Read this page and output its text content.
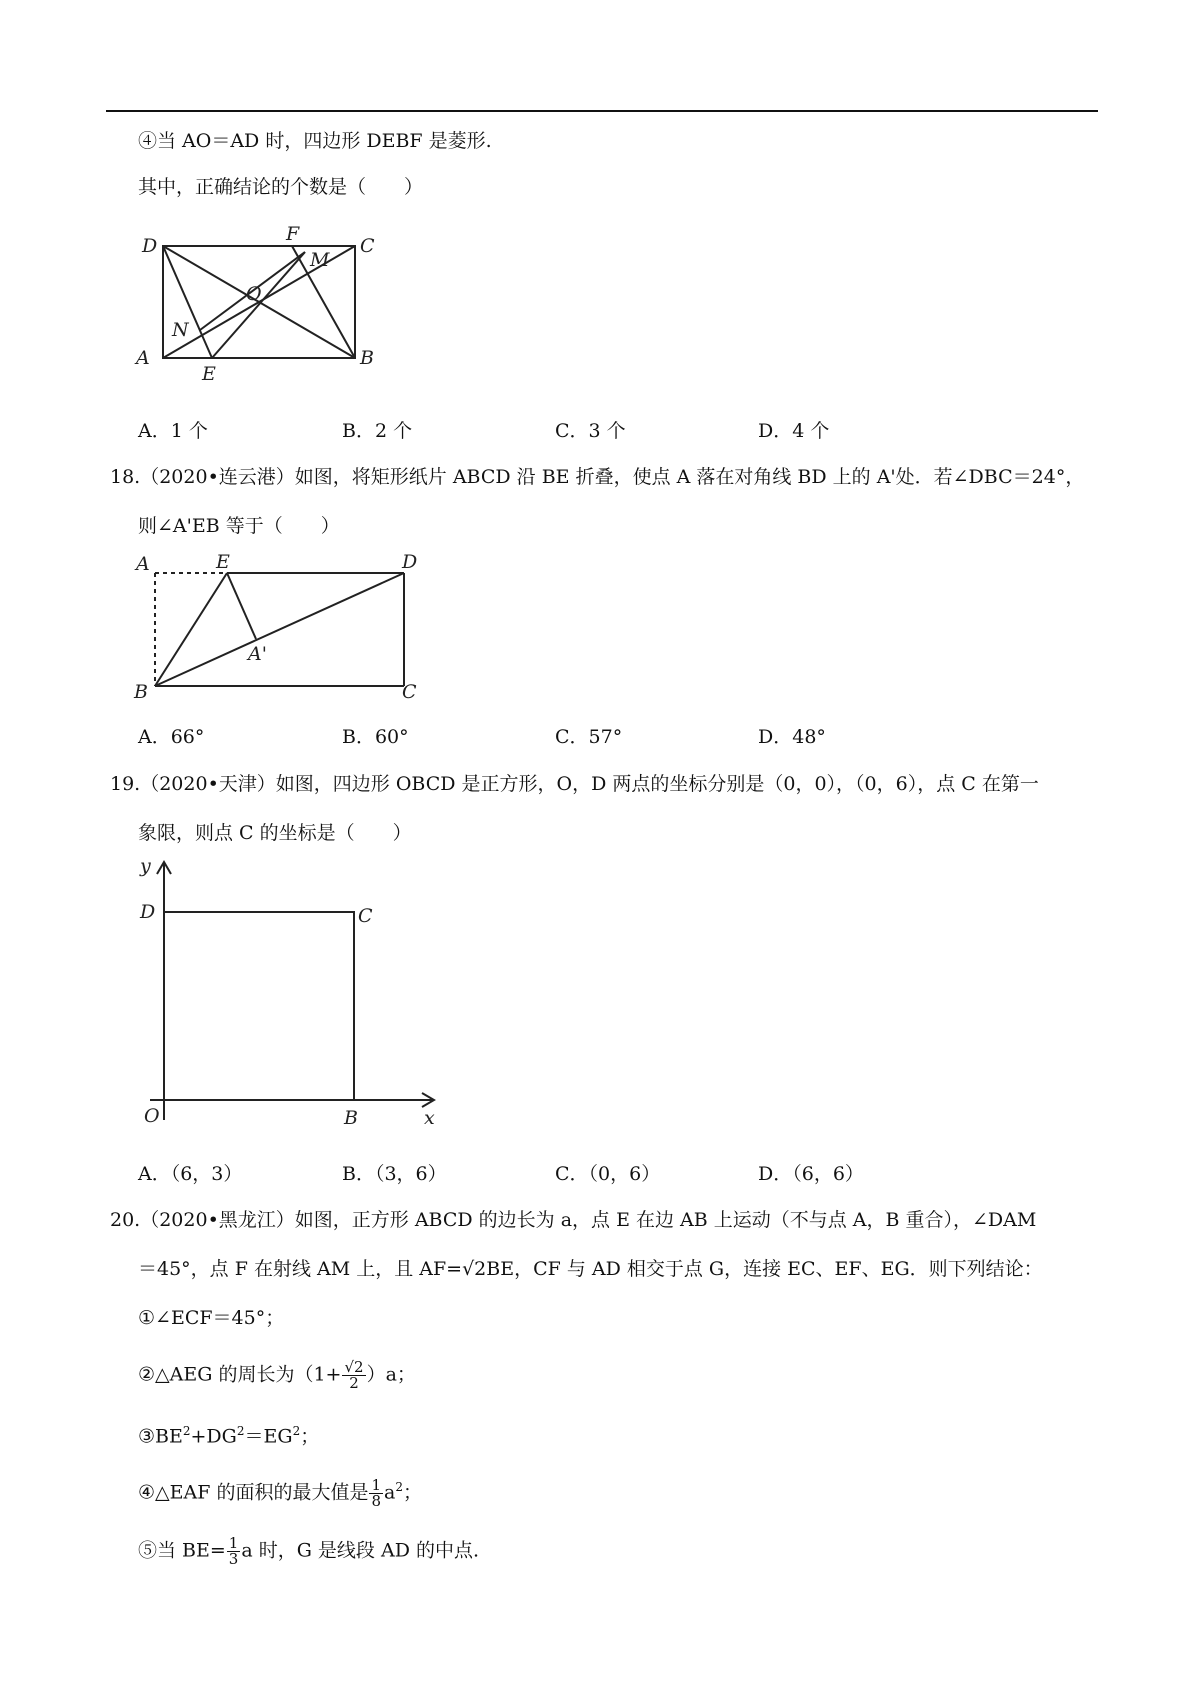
④当 AO＝AD 时，四边形 DEBF 是菱形.
其中，正确结论的个数是（　　）
D
F
C
M
O
N
A
E
B
A．1 个	B．2 个	C．3 个	D．4 个
18.（2020•连云港）如图，将矩形纸片 ABCD 沿 BE 折叠，使点 A 落在对角线 BD 上的 A'处．若∠DBC＝24°，
则∠A'EB 等于（　　）
A	E	D
A'
B	C
A．66°	B．60°	C．57°	D．48°
19.（2020•天津）如图，四边形 OBCD 是正方形，O，D 两点的坐标分别是（0，0），（0，6），点 C 在第一
象限，则点 C 的坐标是（　　）
y
D	C
O	B	x
A．（6，3）	B．（3，6）	C．（0，6）	D．（6，6）
20.（2020•黑龙江）如图，正方形 ABCD 的边长为 a，点 E 在边 AB 上运动（不与点 A，B 重合），∠DAM
＝45°，点 F 在射线 AM 上，且 AF=√2BE，CF 与 AD 相交于点 G，连接 EC、EF、EG．则下列结论：
①∠ECF＝45°；
②△AEG 的周长为$(1+ \frac{√2}{2} )a$；
$③BE^2+DG^2=EG^2$；
④△EAF 的面积的最大值是 $\frac{1}{8} a^2$；
⑤当 $BE= \frac{1}{3}$ a 时，G 是线段 AD 的中点.
